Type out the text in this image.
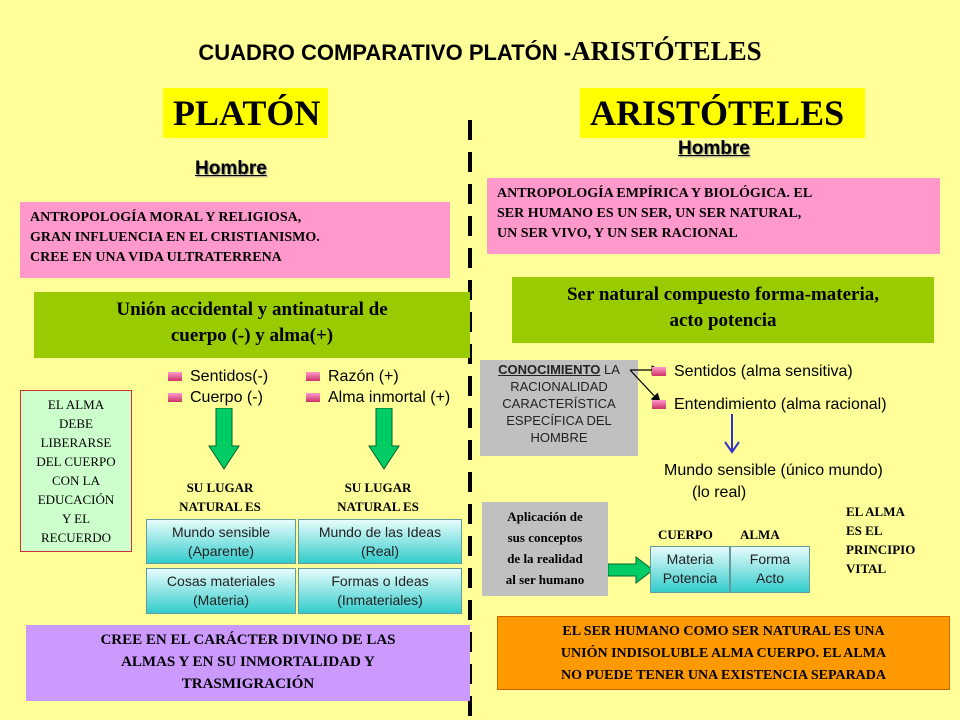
CUADRO COMPARATIVO PLATÓN -ARISTÓTELES
PLATÓN	ARISTÓTELES
Hombre
Hombre
ANTROPOLOGÍA MORAL Y RELIGIOSA,
GRAN INFLUENCIA EN EL CRISTIANISMO.
CREE EN UNA VIDA ULTRATERRENA
Unión accidental y antinatural de
cuerpo (-) y alma(+)
Sentidos(-)
Cuerpo (-)
Razón (+)
Alma inmortal (+)
EL ALMA
DEBE
LIBERARSE
DEL CUERPO
CON LA
EDUCACIÓN
Y EL
RECUERDO
SU LUGAR
NATURAL ES
SU LUGAR
NATURAL ES
Mundo sensible
(Aparente)
Cosas materiales
(Materia)
Mundo de las Ideas
(Real)
Formas o Ideas
(Inmateriales)
CREE EN EL CARÁCTER DIVINO DE LAS
ALMAS Y EN SU INMORTALIDAD Y
TRASMIGRACIÓN
ANTROPOLOGÍA EMPÍRICA Y BIOLÓGICA. EL
SER HUMANO ES UN SER, UN SER NATURAL,
UN SER VIVO, Y UN SER RACIONAL
Ser natural compuesto forma-materia,
acto potencia
CONOCIMIENTO LA
RACIONALIDAD
CARACTERÍSTICA
ESPECÍFICA DEL
HOMBRE
Sentidos (alma sensitiva)
Entendimiento (alma racional)
Mundo sensible (único mundo)
(lo real)
Aplicación de
sus conceptos
de la realidad
al ser humano
CUERPO ALMA
Materia
Potencia
Forma
Acto
EL ALMA
ES EL
PRINCIPIO
VITAL
EL SER HUMANO COMO SER NATURAL ES UNA
UNIÓN INDISOLUBLE ALMA CUERPO. EL ALMA
NO PUEDE TENER UNA EXISTENCIA SEPARADA
